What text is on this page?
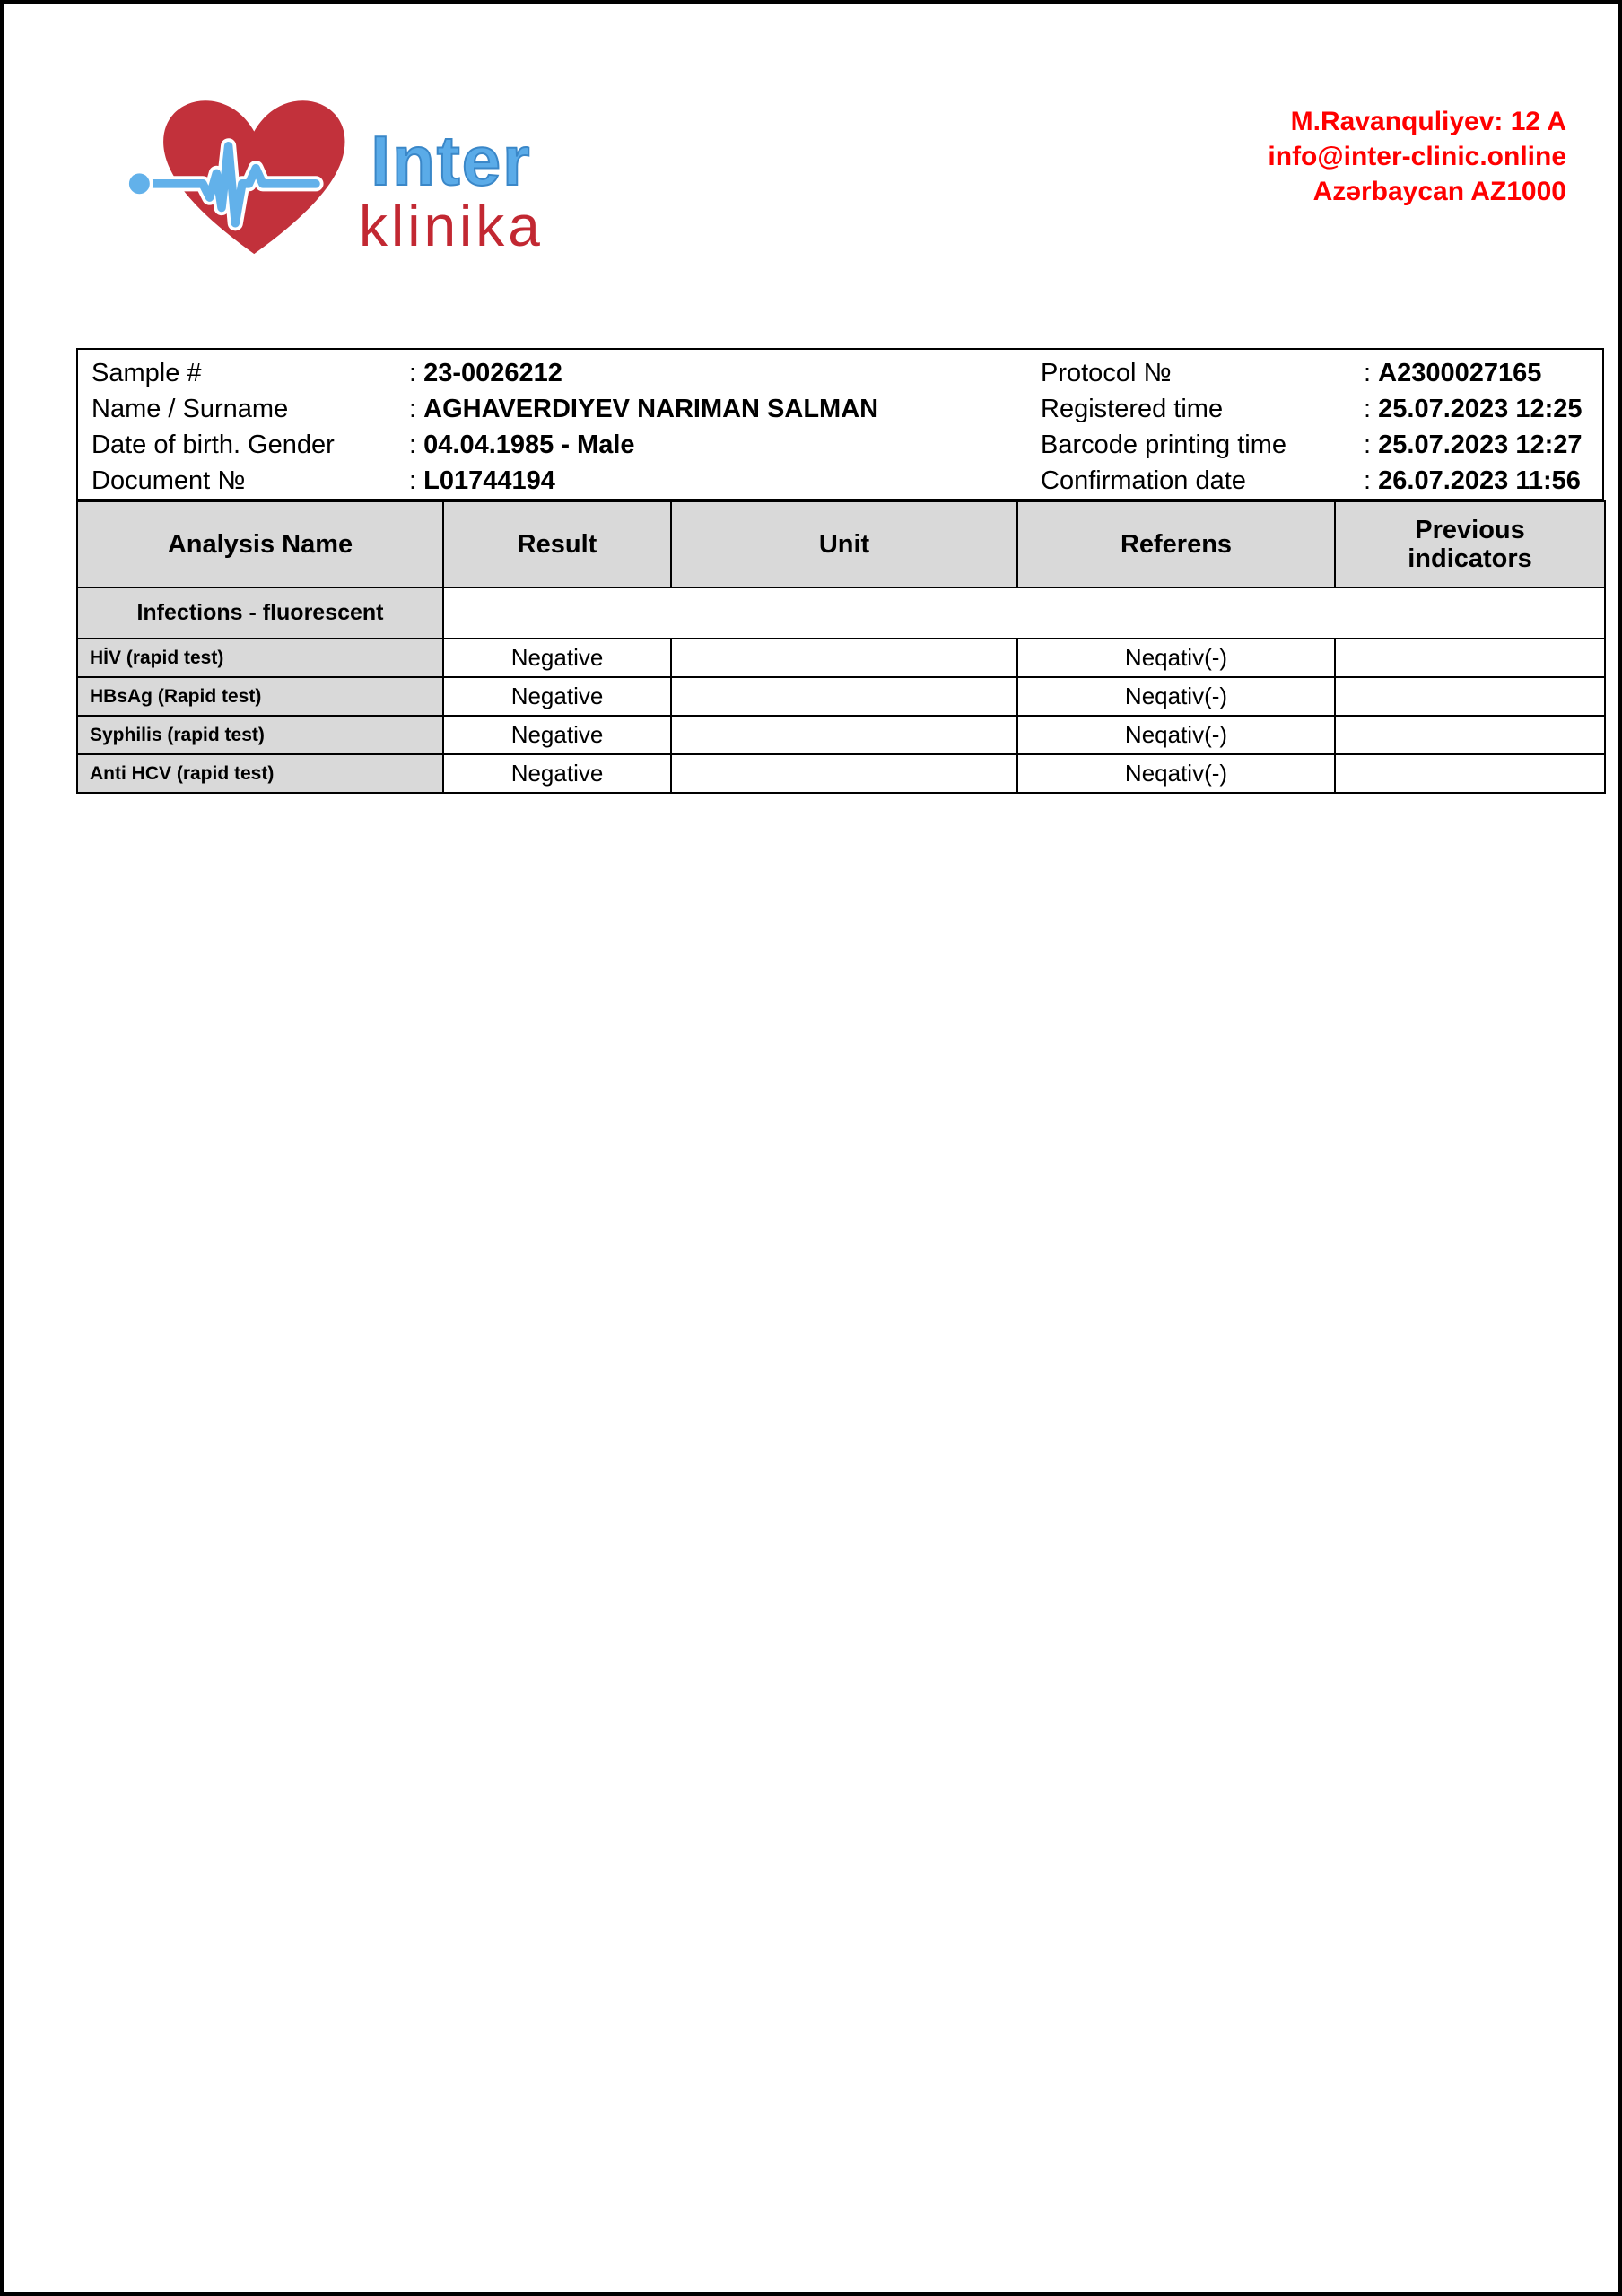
Inter
klinika
M.Ravanquliyev: 12 A
info@inter-clinic.online
Azərbaycan AZ1000
Sample #	: 23-0026212
Name / Surname	: AGHAVERDIYEV NARIMAN SALMAN
Date of birth. Gender	: 04.04.1985 - Male
Document №	: L01744194
Protocol №	: A2300027165
Registered time	: 25.07.2023 12:25
Barcode printing time	: 25.07.2023 12:27
Confirmation date	: 26.07.2023 11:56
Analysis Name	Result	Unit	Referens	Previous indicators
Infections - fluorescent				
HİV (rapid test)	Negative		Neqativ(-)	
HBsAg (Rapid test)	Negative		Neqativ(-)	
Syphilis (rapid test)	Negative		Neqativ(-)	
Anti HCV (rapid test)	Negative		Neqativ(-)	
